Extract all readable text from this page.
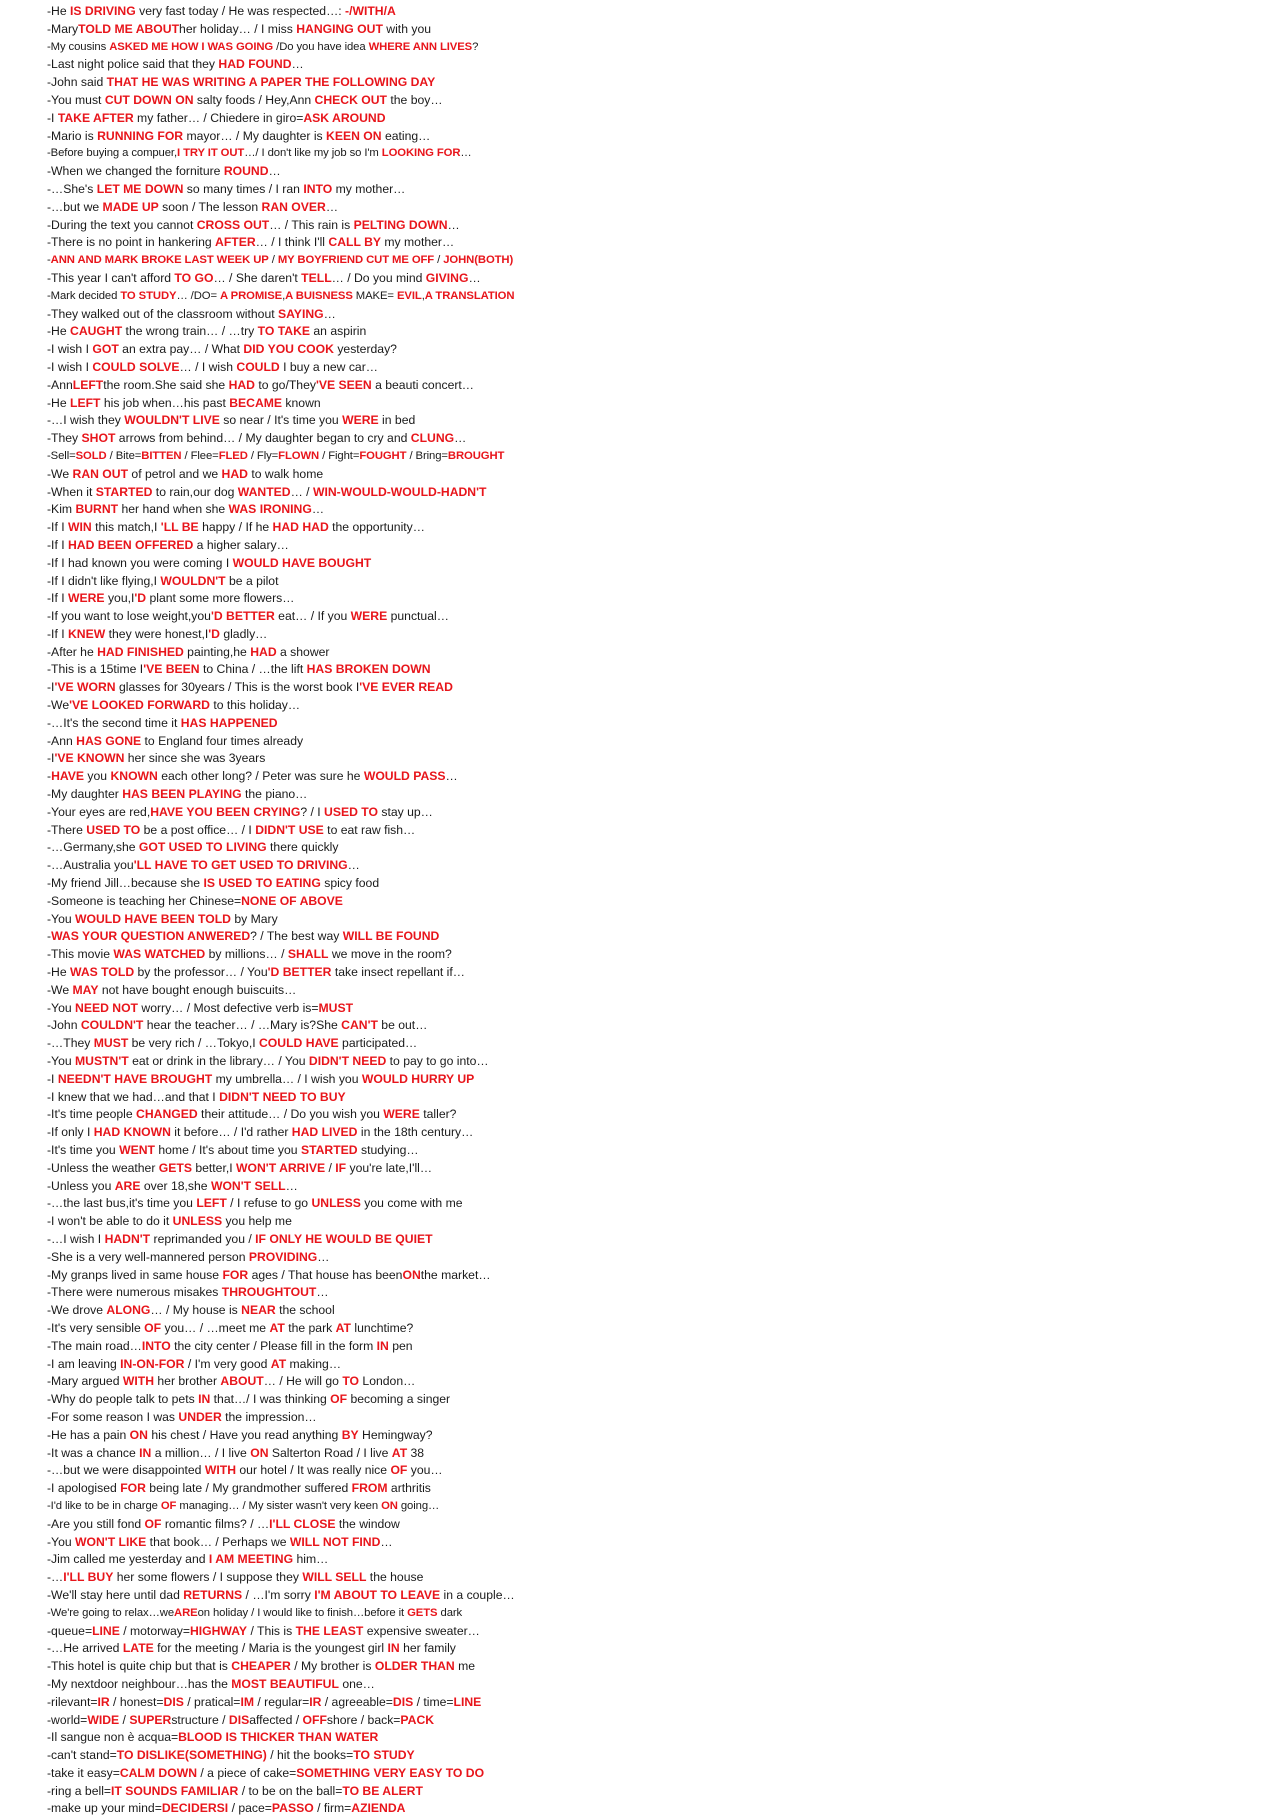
-He IS DRIVING very fast today / He was respected…: -/WITH/A
-MaryTOLD ME ABOUTher holiday… / I miss HANGING OUT with you
-My cousins ASKED ME HOW I WAS GOING /Do you have idea WHERE ANN LIVES?
-Last night police said that they HAD FOUND…
-John said THAT HE WAS WRITING A PAPER THE FOLLOWING DAY
-You must CUT DOWN ON salty foods / Hey,Ann CHECK OUT the boy…
-I TAKE AFTER my father… / Chiedere in giro=ASK AROUND
-Mario is RUNNING FOR mayor… / My daughter is KEEN ON eating…
-Before buying a compuer,I TRY IT OUT…/ I don't like my job so I'm LOOKING FOR…
-When we changed the forniture ROUND…
-…She's LET ME DOWN so many times / I ran INTO my mother…
-…but we MADE UP soon / The lesson RAN OVER…
-During the text you cannot CROSS OUT… / This rain is PELTING DOWN…
-There is no point in hankering AFTER… / I think I'll CALL BY my mother…
-ANN AND MARK BROKE LAST WEEK UP / MY BOYFRIEND CUT ME OFF / JOHN(BOTH)
-This year I can't afford TO GO… / She daren't TELL… / Do you mind GIVING…
-Mark decided TO STUDY… /DO= A PROMISE,A BUISNESS MAKE= EVIL,A TRANSLATION
-They walked out of the classroom without SAYING…
-He CAUGHT the wrong train… / …try TO TAKE an aspirin
-I wish I GOT an extra pay… / What DID YOU COOK yesterday?
-I wish I COULD SOLVE… / I wish COULD I buy a new car…
-AnnLEFTthe room.She said she HAD to go/They'VE SEEN a beauti concert…
-He LEFT his job when…his past BECAME known
-…I wish they WOULDN'T LIVE so near / It's time you WERE in bed
-They SHOT arrows from behind… / My daughter began to cry and CLUNG…
-Sell=SOLD / Bite=BITTEN / Flee=FLED / Fly=FLOWN / Fight=FOUGHT / Bring=BROUGHT
-We RAN OUT of petrol and we HAD to walk home
-When it STARTED to rain,our dog WANTED… / WIN-WOULD-WOULD-HADN'T
-Kim BURNT her hand when she WAS IRONING…
-If I WIN this match,I 'LL BE happy / If he HAD HAD the opportunity…
-If I HAD BEEN OFFERED a higher salary…
-If I had known you were coming I WOULD HAVE BOUGHT
-If I didn't like flying,I WOULDN'T be a pilot
-If I WERE you,I'D plant some more flowers…
-If you want to lose weight,you'D BETTER eat… / If you WERE punctual…
-If I KNEW they were honest,I'D gladly…
-After he HAD FINISHED painting,he HAD a shower
-This is a 15time I'VE BEEN to China / …the lift HAS BROKEN DOWN
-I'VE WORN glasses for 30years / This is the worst book I'VE EVER READ
-We'VE LOOKED FORWARD to this holiday…
-…It's the second time it HAS HAPPENED
-Ann HAS GONE to England four times already
-I'VE KNOWN her since she was 3years
-HAVE you KNOWN each other long? / Peter was sure he WOULD PASS…
-My daughter HAS BEEN PLAYING the piano…
-Your eyes are red,HAVE YOU BEEN CRYING? / I USED TO stay up…
-There USED TO be a post office… / I DIDN'T USE to eat raw fish…
-…Germany,she GOT USED TO LIVING there quickly
-…Australia you'LL HAVE TO GET USED TO DRIVING…
-My friend Jill…because she IS USED TO EATING spicy food
-Someone is teaching her Chinese=NONE OF ABOVE
-You WOULD HAVE BEEN TOLD by Mary
-WAS YOUR QUESTION ANWERED? / The best way WILL BE FOUND
-This movie WAS WATCHED by millions… / SHALL we move in the room?
-He WAS TOLD by the professor… / You'D BETTER take insect repellant if…
-We MAY not have bought enough buiscuits…
-You NEED NOT worry… / Most defective verb is=MUST
-John COULDN'T hear the teacher… / …Mary is?She CAN'T be out…
-…They MUST be very rich / …Tokyo,I COULD HAVE participated…
-You MUSTN'T eat or drink in the library… / You DIDN'T NEED to pay to go into…
-I NEEDN'T HAVE BROUGHT my umbrella… / I wish you WOULD HURRY UP
-I knew that we had…and that I DIDN'T NEED TO BUY
-It's time people CHANGED their attitude… / Do you wish you WERE taller?
-If only I HAD KNOWN it before… / I'd rather HAD LIVED in the 18th century…
-It's time you WENT home / It's about time you STARTED studying…
-Unless the weather GETS better,I WON'T ARRIVE / IF you're late,I'll…
-Unless you ARE over 18,she WON'T SELL…
-…the last bus,it's time you LEFT / I refuse to go UNLESS you come with me
-I won't be able to do it UNLESS you help me
-…I wish I HADN'T reprimanded you / IF ONLY HE WOULD BE QUIET
-She is a very well-mannered person PROVIDING…
-My granps lived in same house FOR ages / That house has beenONthe market…
-There were numerous misakes THROUGHTOUT…
-We drove ALONG… / My house is NEAR the school
-It's very sensible OF you… / …meet me AT the park AT lunchtime?
-The main road…INTO the city center / Please fill in the form IN pen
-I am leaving IN-ON-FOR / I'm very good AT making…
-Mary argued WITH her brother ABOUT… / He will go TO London…
-Why do people talk to pets IN that…/ I was thinking OF becoming a singer
-For some reason I was UNDER the impression…
-He has a pain ON his chest / Have you read anything BY Hemingway?
-It was a chance IN a million… / I live ON Salterton Road / I live AT 38
-…but we were disappointed WITH our hotel / It was really nice OF you…
-I apologised FOR being late / My grandmother suffered FROM arthritis
-I'd like to be in charge OF managing… / My sister wasn't very keen ON going…
-Are you still fond OF romantic films? / …I'LL CLOSE the window
-You WON'T LIKE that book… / Perhaps we WILL NOT FIND…
-Jim called me yesterday and I AM MEETING him…
-…I'LL BUY her some flowers / I suppose they WILL SELL the house
-We'll stay here until dad RETURNS / …I'm sorry I'M ABOUT TO LEAVE in a couple…
-We're going to relax…weAREon holiday / I would like to finish…before it GETS dark
-queue=LINE / motorway=HIGHWAY / This is THE LEAST expensive sweater…
-…He arrived LATE for the meeting / Maria is the youngest girl IN her family
-This hotel is quite chip but that is CHEAPER / My brother is OLDER THAN me
-My nextdoor neighbour…has the MOST BEAUTIFUL one…
-rilevant=IR / honest=DIS / pratical=IM / regular=IR / agreeable=DIS / time=LINE
-world=WIDE / SUPERstructure / DISaffected / OFFshore / back=PACK
-Il sangue non è acqua=BLOOD IS THICKER THAN WATER
-can't stand=TO DISLIKE(SOMETHING) / hit the books=TO STUDY
-take it easy=CALM DOWN / a piece of cake=SOMETHING VERY EASY TO DO
-ring a bell=IT SOUNDS FAMILIAR / to be on the ball=TO BE ALERT
-make up your mind=DECIDERSI / pace=PASSO / firm=AZIENDA
